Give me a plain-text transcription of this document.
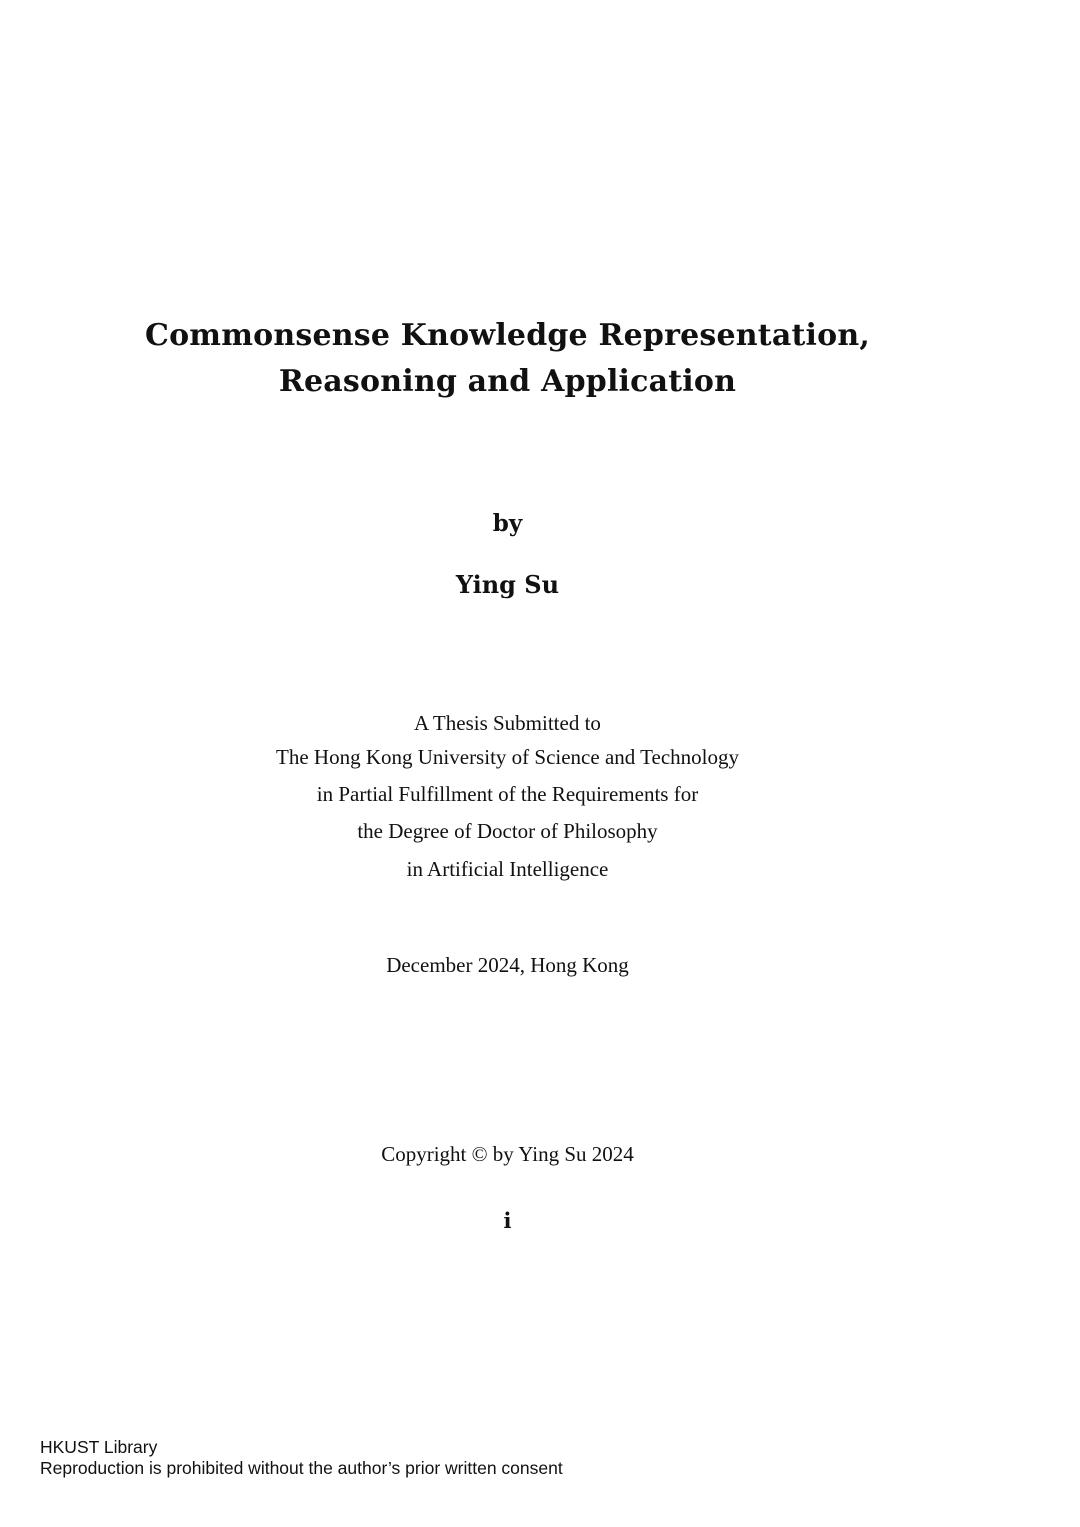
Commonsense Knowledge Representation,
Reasoning and Application
by
Ying Su
A Thesis Submitted to
The Hong Kong University of Science and Technology
in Partial Fulfillment of the Requirements for
the Degree of Doctor of Philosophy
in Artificial Intelligence
December 2024, Hong Kong
Copyright © by Ying Su 2024
i
HKUST Library
Reproduction is prohibited without the author’s prior written consent
